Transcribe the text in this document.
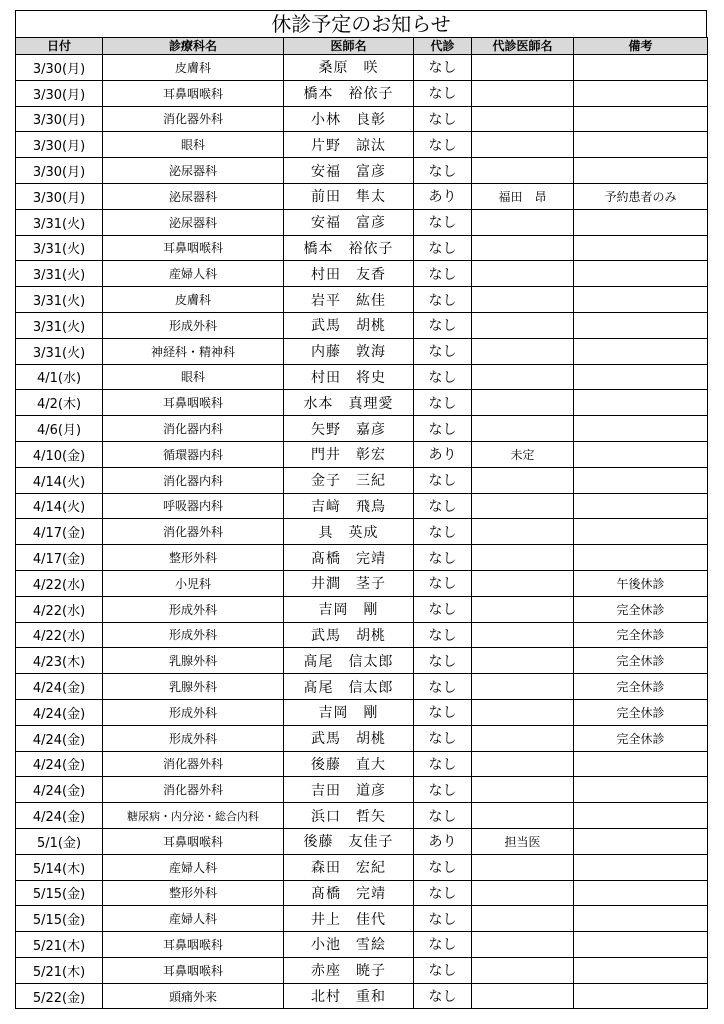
休診予定のお知らせ
日付	診療科名	医師名	代診	代診医師名	備考
3/30(月)	皮膚科	桑原　咲	なし		
3/30(月)	耳鼻咽喉科	橋本　裕依子	なし		
3/30(月)	消化器外科	小林　良彰	なし		
3/30(月)	眼科	片野　諒汰	なし		
3/30(月)	泌尿器科	安福　富彦	なし		
3/30(月)	泌尿器科	前田　隼太	あり	福田　昂	予約患者のみ
3/31(火)	泌尿器科	安福　富彦	なし		
3/31(火)	耳鼻咽喉科	橋本　裕依子	なし		
3/31(火)	産婦人科	村田　友香	なし		
3/31(火)	皮膚科	岩平　紘佳	なし		
3/31(火)	形成外科	武馬　胡桃	なし		
3/31(火)	神経科・精神科	内藤　敦海	なし		
4/1(水)	眼科	村田　将史	なし		
4/2(木)	耳鼻咽喉科	水本　真理愛	なし		
4/6(月)	消化器内科	矢野　嘉彦	なし		
4/10(金)	循環器内科	門井　彰宏	あり	未定	
4/14(火)	消化器内科	金子　三紀	なし		
4/14(火)	呼吸器内科	吉﨑　飛鳥	なし		
4/17(金)	消化器外科	具　英成	なし		
4/17(金)	整形外科	髙橋　完靖	なし		
4/22(水)	小児科	井澗　茎子	なし		午後休診
4/22(水)	形成外科	吉岡　剛	なし		完全休診
4/22(水)	形成外科	武馬　胡桃	なし		完全休診
4/23(木)	乳腺外科	髙尾　信太郎	なし		完全休診
4/24(金)	乳腺外科	髙尾　信太郎	なし		完全休診
4/24(金)	形成外科	吉岡　剛	なし		完全休診
4/24(金)	形成外科	武馬　胡桃	なし		完全休診
4/24(金)	消化器外科	後藤　直大	なし		
4/24(金)	消化器外科	吉田　道彦	なし		
4/24(金)	糖尿病・内分泌・総合内科	浜口　哲矢	なし		
5/1(金)	耳鼻咽喉科	後藤　友佳子	あり	担当医	
5/14(木)	産婦人科	森田　宏紀	なし		
5/15(金)	整形外科	髙橋　完靖	なし		
5/15(金)	産婦人科	井上　佳代	なし		
5/21(木)	耳鼻咽喉科	小池　雪絵	なし		
5/21(木)	耳鼻咽喉科	赤座　暁子	なし		
5/22(金)	頭痛外来	北村　重和	なし		
